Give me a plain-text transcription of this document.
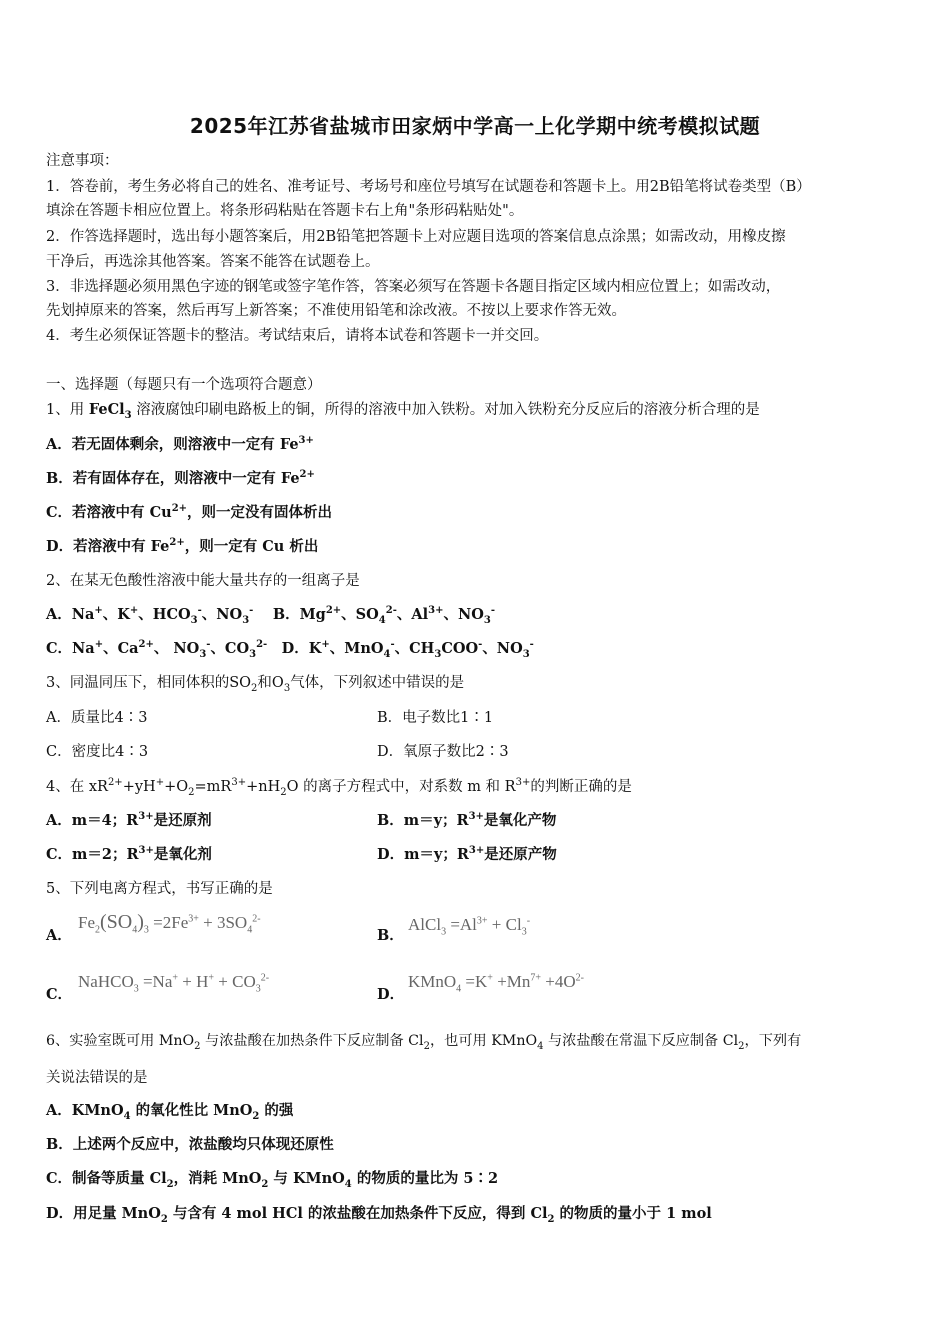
2025年江苏省盐城市田家炳中学高一上化学期中统考模拟试题
注意事项：
1．答卷前，考生务必将自己的姓名、准考证号、考场号和座位号填写在试题卷和答题卡上。用2B铅笔将试卷类型（B）
填涂在答题卡相应位置上。将条形码粘贴在答题卡右上角"条形码粘贴处"。
2．作答选择题时，选出每小题答案后，用2B铅笔把答题卡上对应题目选项的答案信息点涂黑；如需改动，用橡皮擦
干净后，再选涂其他答案。答案不能答在试题卷上。
3．非选择题必须用黑色字迹的钢笔或签字笔作答，答案必须写在答题卡各题目指定区域内相应位置上；如需改动，
先划掉原来的答案，然后再写上新答案；不准使用铅笔和涂改液。不按以上要求作答无效。
4．考生必须保证答题卡的整洁。考试结束后，请将本试卷和答题卡一并交回。
一、选择题（每题只有一个选项符合题意）
1、用 FeCl$_3$ 溶液腐蚀印刷电路板上的铜，所得的溶液中加入铁粉。对加入铁粉充分反应后的溶液分析合理的是
A．若无固体剩余，则溶液中一定有 $Fe^{3+}$
B．若有固体存在，则溶液中一定有 $Fe^{2+}$
C．若溶液中有 $Cu^{2+}$，则一定没有固体析出
D．若溶液中有 $Fe^{2+}$，则一定有 Cu 析出
2、在某无色酸性溶液中能大量共存的一组离子是
A．Na+、K+、$HCO_3^-$、$NO_3^-$　 B．$Mg^{2+}$、$SO_4^{2-}$、$Al^{3+}$、$NO_3^-$
C．Na+、$Ca^{2+}$、 $NO_3^-$、$CO_3^{2-}$　D．K+、MnO$_4$-、$CH_3COO^-$、$NO_3^-$
3、同温同压下，相同体积的$SO_2$和$O_3$气体，下列叙述中错误的是
A．质量比4∶3	B．电子数比1∶1
C．密度比4∶3	D．氧原子数比2∶3
4、在 $xR^{2+}+yH^++O_2=mR^{3+}+nH_2O$ 的离子方程式中，对系数 m 和 $R^{3+}$的判断正确的是
A．m＝4；$R^{3+}$是还原剂	B．m＝y；$R^{3+}$是氧化产物
C．m＝2；$R^{3+}$是氧化剂	D．m＝y；$R^{3+}$是还原产物
5、下列电离方程式，书写正确的是
A．
$Fe_2(SO_4)_3 =2Fe^{3+} + 3SO_4^{2-}$
B．
AlCl$_3$ $=Al^{3+} + Cl_3^-$
C．
NaHCO$_3$ $=Na^+ + H^+ + CO_3^{2-}$
D．
KMnO$_4$ $=K^+ +Mn^{7+} +4O^{2-}$
6、实验室既可用 MnO$_2$ 与浓盐酸在加热条件下反应制备 $Cl_2$，也可用 KMnO$_4$ 与浓盐酸在常温下反应制备 $Cl_2$，下列有
关说法错误的是
A．KMnO$_4$ 的氧化性比 MnO$_2$ 的强
B．上述两个反应中，浓盐酸均只体现还原性
C．制备等质量 $Cl_2$，消耗 MnO$_2$ 与 KMnO$_4$ 的物质的量比为 5∶2
D．用足量 MnO$_2$ 与含有 4 mol HCl 的浓盐酸在加热条件下反应，得到 $Cl_2$ 的物质的量小于 1 mol
